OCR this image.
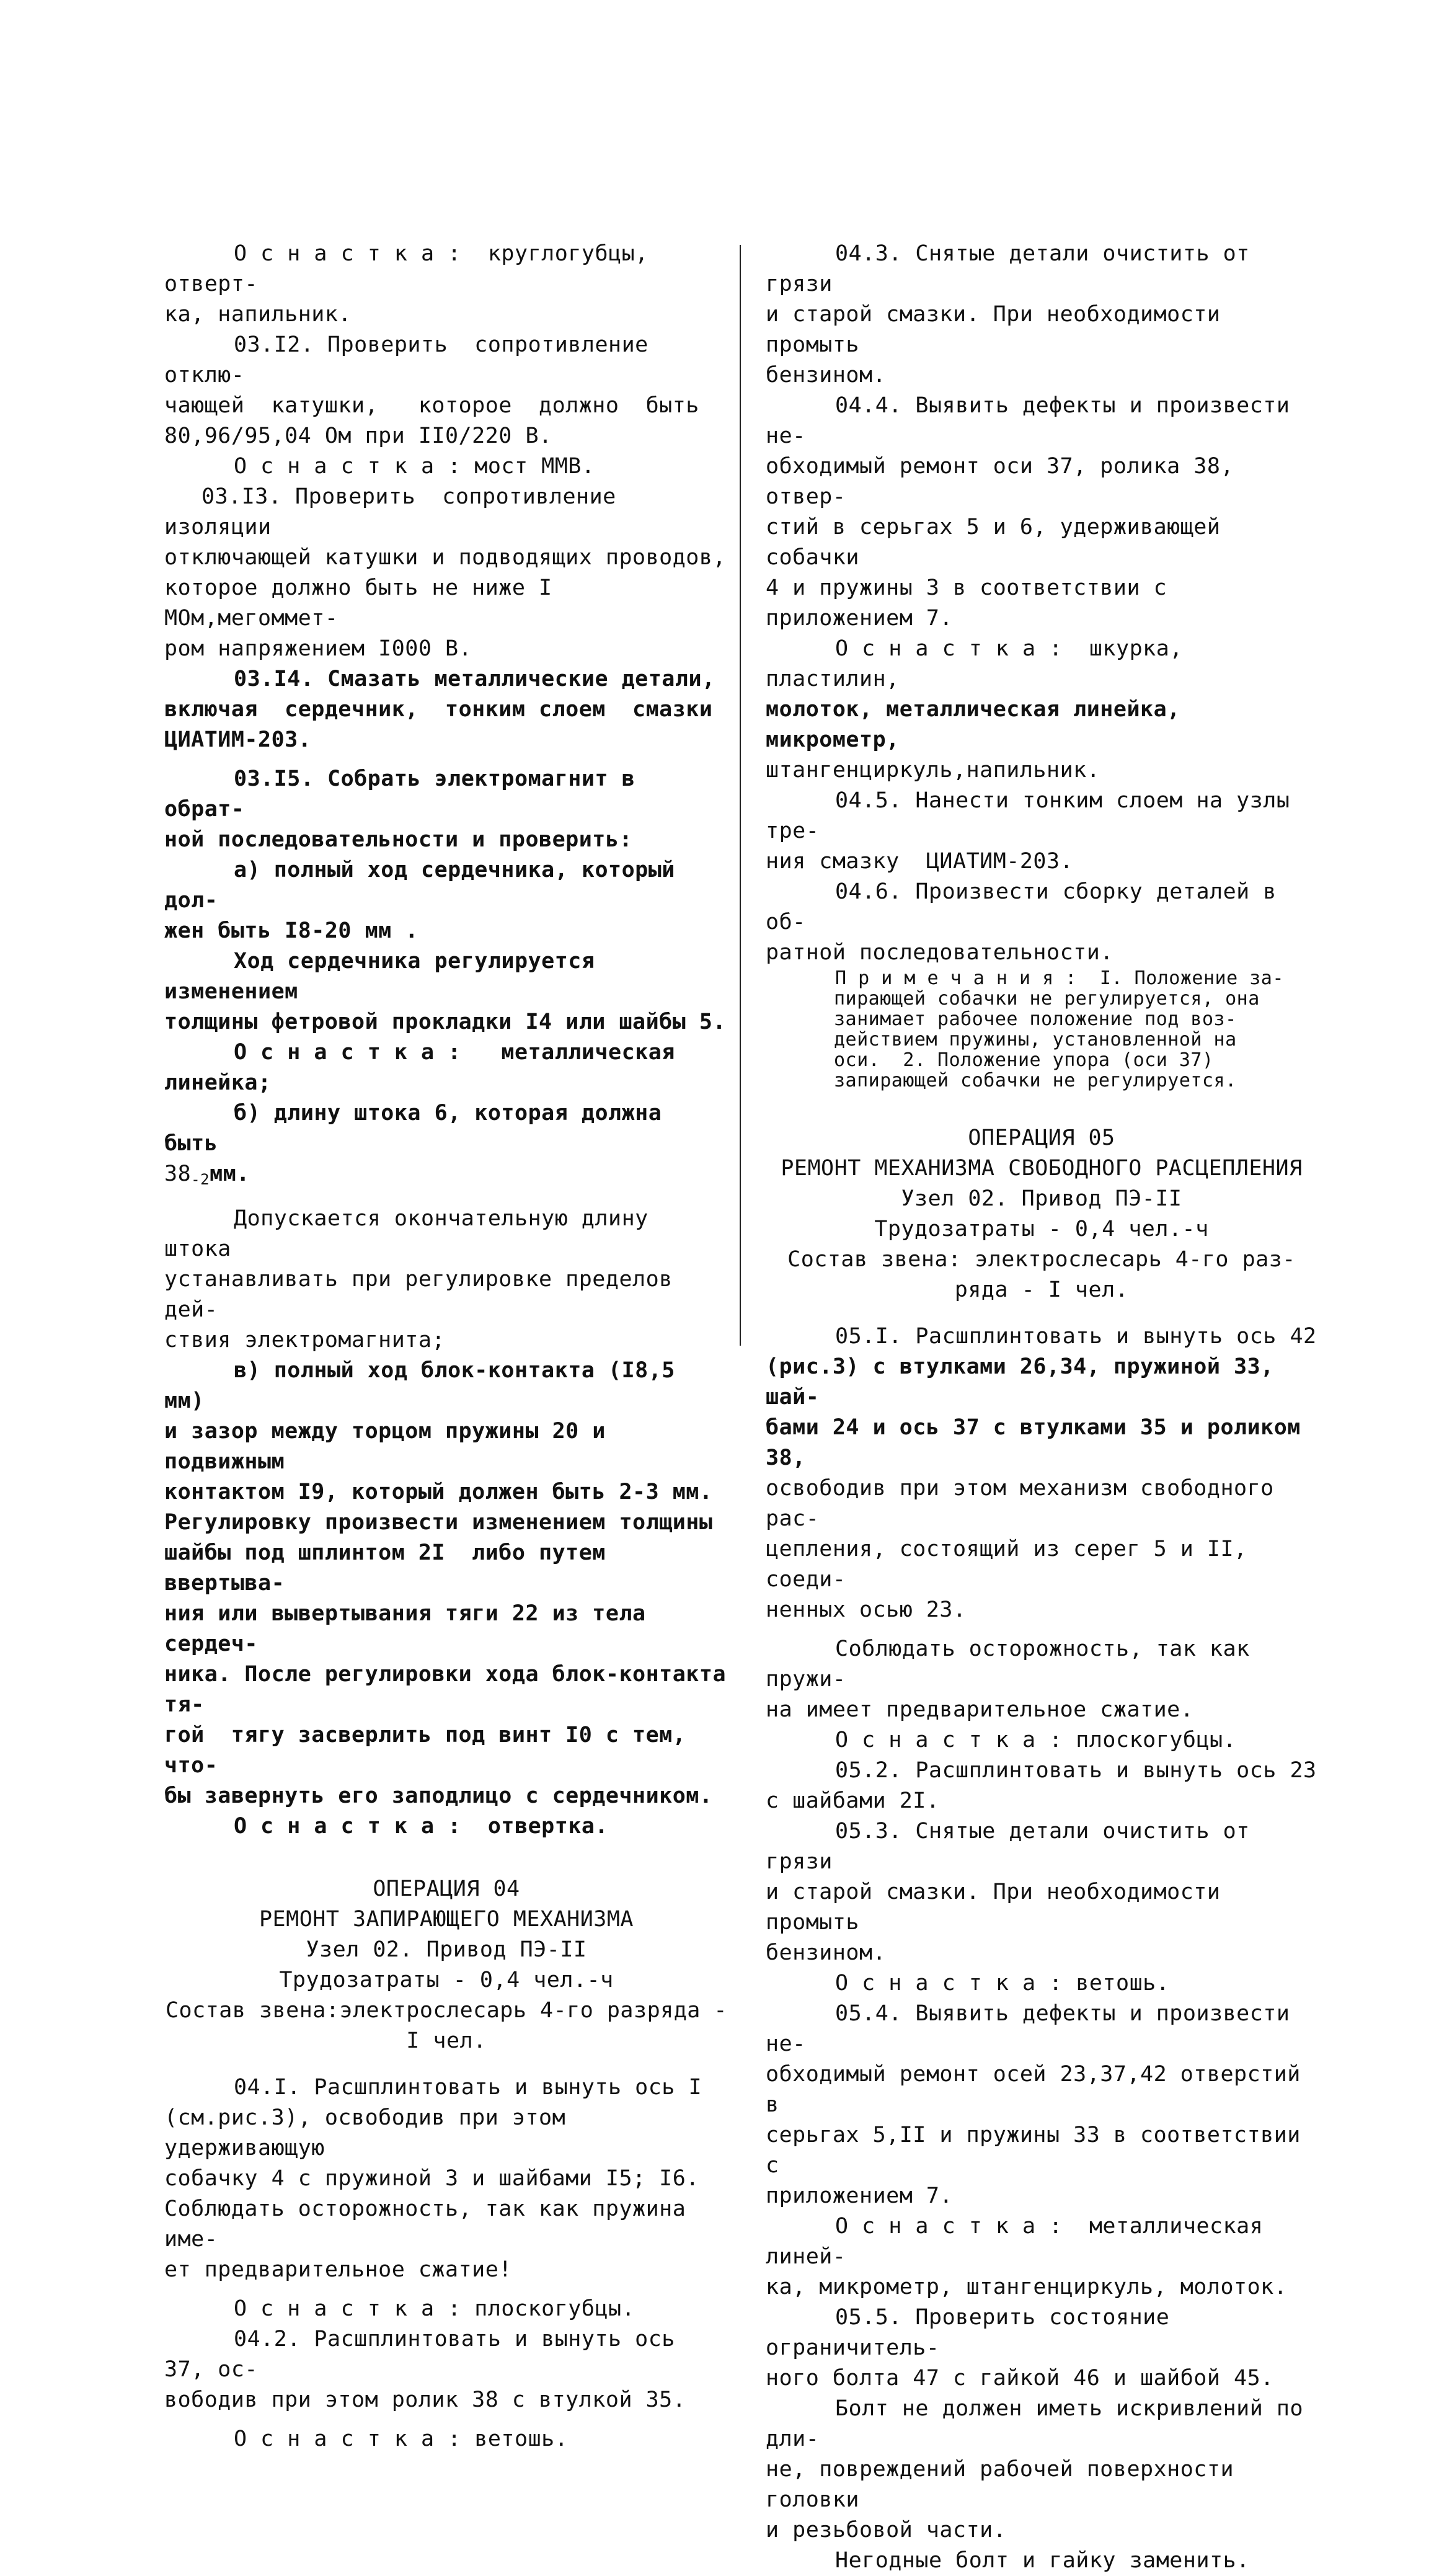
О с н а с т к а :  круглогубцы, отверт-

ка, напильник.

03.I2. Проверить  сопротивление отклю-

чающей  катушки,   которое  должно  быть

80,96/95,04 Ом при II0/220 В.

О с н а с т к а : мост ММВ.

03.I3. Проверить  сопротивление изоляции

отключающей катушки и подводящих проводов,

которое должно быть не ниже I МОм,мегоммет-

ром напряжением I000 В.

03.I4. Смазать металлические детали,

включая  сердечник,  тонким слоем  смазки

ЦИАТИМ-203.

03.I5. Собрать электромагнит в обрат-

ной последовательности и проверить:

а) полный ход сердечника, который дол-

жен быть I8-20 мм .

Ход сердечника регулируется изменением

толщины фетровой прокладки I4 или шайбы 5.

О с н а с т к а :   металлическая линейка;

б) длину штока 6, которая должна быть

$38_{-2}мм$.

Допускается окончательную длину штока

устанавливать при регулировке пределов дей-

ствия электромагнита;

в) полный ход блок-контакта (I8,5 мм)

и зазор между торцом пружины 20 и подвижным

контактом I9, который должен быть 2-3 мм.

Регулировку произвести изменением толщины

шайбы под шплинтом 2I  либо путем ввертыва-

ния или вывертывания тяги 22 из тела сердеч-

ника. После регулировки хода блок-контакта тя-

гой  тягу засверлить под винт I0 с тем, что-

бы завернуть его заподлицо с сердечником.

О с н а с т к а :  отвертка.

ОПЕРАЦИЯ 04

РЕМОНТ ЗАПИРАЮЩЕГО МЕХАНИЗМА

Узел 02. Привод ПЭ-II

Трудозатраты - 0,4 чел.-ч

Состав звена:электрослесарь 4-го разряда -

I чел.

04.I. Расшплинтовать и вынуть ось I

(см.рис.3), освободив при этом удерживающую

собачку 4 с пружиной 3 и шайбами I5; I6.

Соблюдать осторожность, так как пружина име-

ет предварительное сжатие!

О с н а с т к а : плоскогубцы.

04.2. Расшплинтовать и вынуть ось 37, ос-

вободив при этом ролик 38 с втулкой 35.

О с н а с т к а : ветошь.

04.3. Снятые детали очистить от грязи

и старой смазки. При необходимости промыть

бензином.

04.4. Выявить дефекты и произвести не-

обходимый ремонт оси 37, ролика 38, отвер-

стий в серьгах 5 и 6, удерживающей собачки

4 и пружины 3 в соответствии с приложением 7.

О с н а с т к а :  шкурка, пластилин,

молоток, металлическая линейка, микрометр,

штангенциркуль,напильник.

04.5. Нанести тонким слоем на узлы тре-

ния смазку  ЦИАТИМ-203.

04.6. Произвести сборку деталей в об-

ратной последовательности.

П р и м е ч а н и я :  I. Положение за-

пирающей собачки не регулируется, она

занимает рабочее положение под воз-

действием пружины, установленной на

оси.  2. Положение упора (оси 37)

запирающей собачки не регулируется.

ОПЕРАЦИЯ 05

РЕМОНТ МЕХАНИЗМА СВОБОДНОГО РАСЦЕПЛЕНИЯ

Узел 02. Привод ПЭ-II

Трудозатраты - 0,4 чел.-ч

Состав звена: электрослесарь 4-го раз-

ряда - I чел.

05.I. Расшплинтовать и вынуть ось 42

(рис.3) с втулками 26,34, пружиной 33, шай-

бами 24 и ось 37 с втулками 35 и роликом 38,

освободив при этом механизм свободного рас-

цепления, состоящий из серег 5 и II, соеди-

ненных осью 23.

Соблюдать осторожность, так как пружи-

на имеет предварительное сжатие.

О с н а с т к а : плоскогубцы.

05.2. Расшплинтовать и вынуть ось 23

с шайбами 2I.

05.3. Снятые детали очистить от грязи

и старой смазки. При необходимости промыть

бензином.

О с н а с т к а : ветошь.

05.4. Выявить дефекты и произвести не-

обходимый ремонт осей 23,37,42 отверстий в

серьгах 5,II и пружины 33 в соответствии с

приложением 7.

О с н а с т к а :  металлическая линей-

ка, микрометр, штангенциркуль, молоток.

05.5. Проверить состояние ограничитель-

ного болта 47 с гайкой 46 и шайбой 45.

Болт не должен иметь искривлений по дли-

не, повреждений рабочей поверхности головки

и резьбовой части.

Негодные болт и гайку заменить.
